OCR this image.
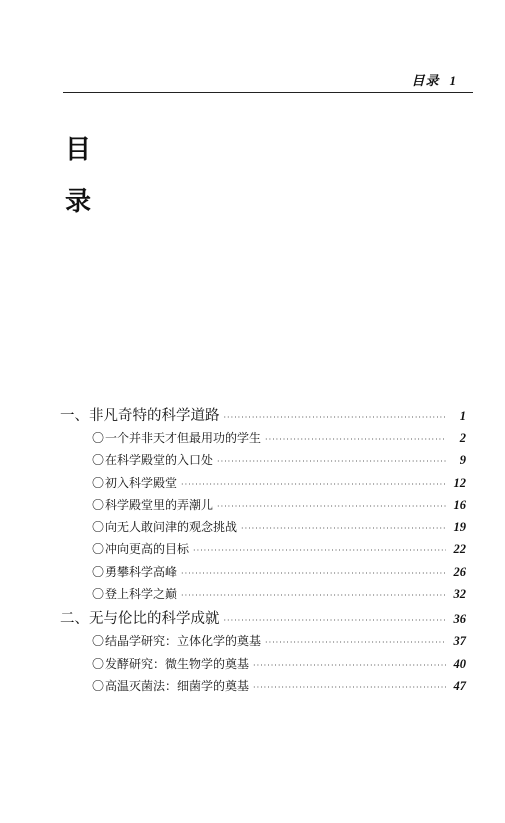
目录 1
目
录
一、非凡奇特的科学道路 ·····	1
〇 一个并非天才但最用功的学生 ·····	2
〇 在科学殿堂的入口处 ·····	9
〇 初入科学殿堂 ·····	12
〇 科学殿堂里的弄潮儿 ·····	16
〇 向无人敢问津的观念挑战 ·····	19
〇 冲向更高的目标 ·····	22
〇 勇攀科学高峰 ·····	26
〇 登上科学之巅 ·····	32
二、无与伦比的科学成就 ·····	36
〇 结晶学研究：立体化学的奠基 ·····	37
〇 发酵研究：微生物学的奠基 ·····	40
〇 高温灭菌法：细菌学的奠基 ·····	47
